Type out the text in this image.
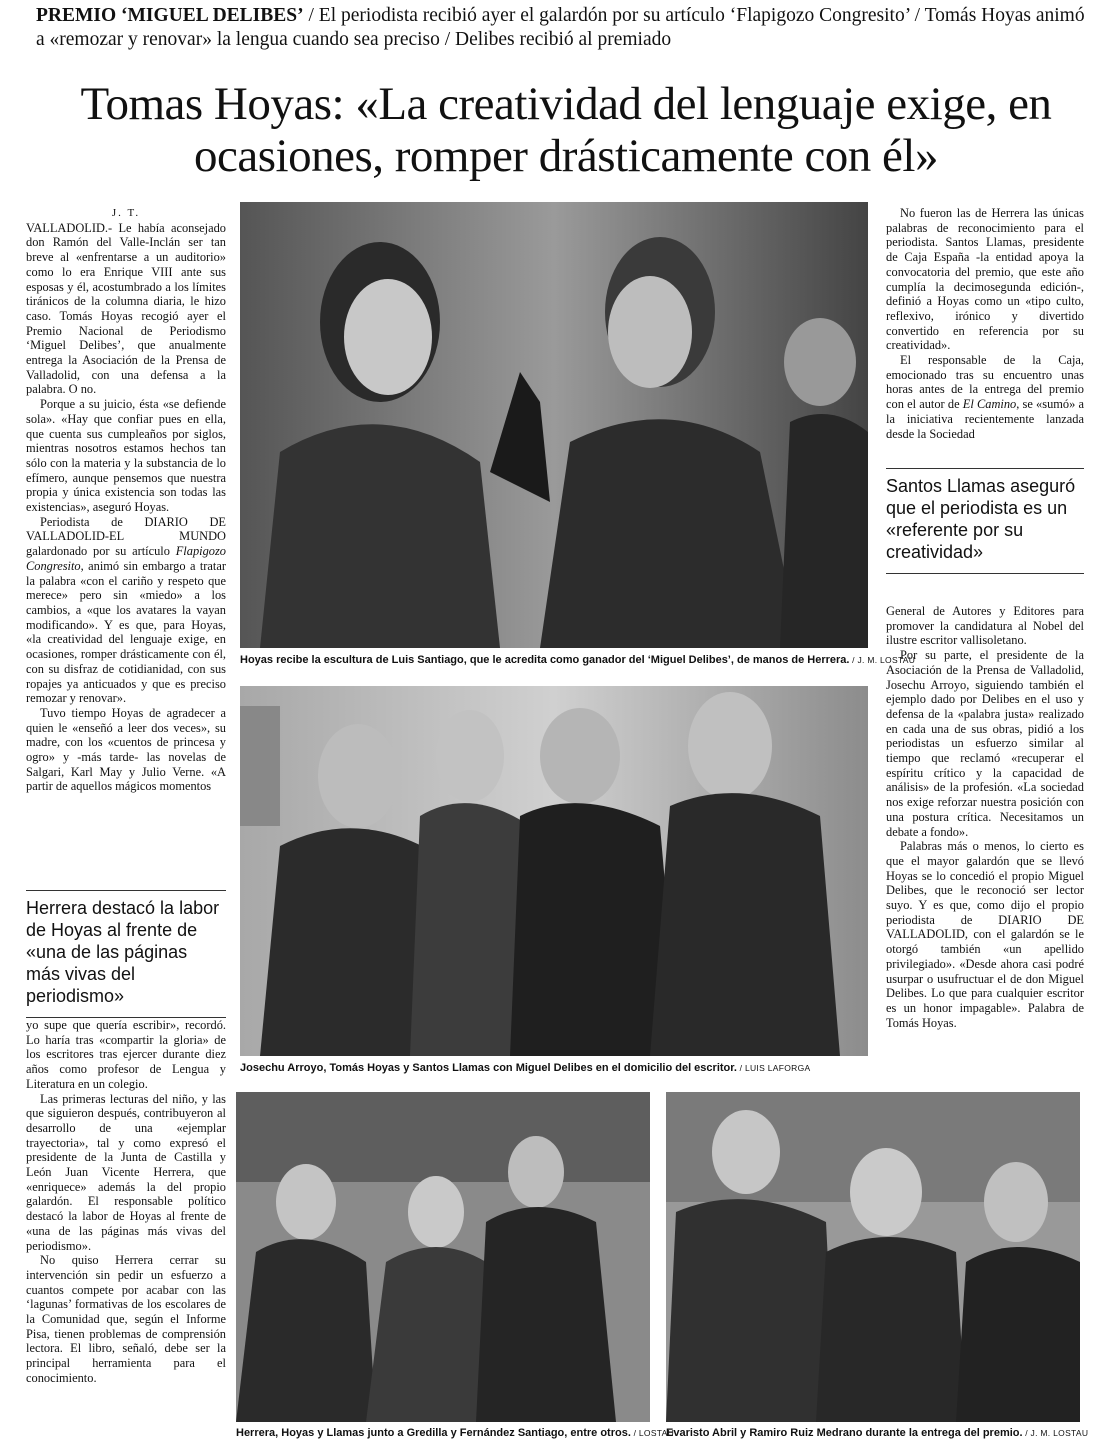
PREMIO ‘MIGUEL DELIBES’ / El periodista recibió ayer el galardón por su artículo ‘Flapigozo Congresito’ / Tomás Hoyas animó a «remozar y renovar» la lengua cuando sea preciso / Delibes recibió al premiado
Tomas Hoyas: «La creatividad del lenguaje exige, en ocasiones, romper drásticamente con él»

J. T.

VALLADOLID.- Le había aconsejado don Ramón del Valle-Inclán ser tan breve al «enfrentarse a un auditorio» como lo era Enrique VIII ante sus esposas y él, acostumbrado a los límites tiránicos de la columna diaria, le hizo caso. Tomás Hoyas recogió ayer el Premio Nacional de Periodismo ‘Miguel Delibes’, que anualmente entrega la Asociación de la Prensa de Valladolid, con una defensa a la palabra. O no.

Porque a su juicio, ésta «se defiende sola». «Hay que confiar pues en ella, que cuenta sus cumpleaños por siglos, mientras nosotros estamos hechos tan sólo con la materia y la substancia de lo efímero, aunque pensemos que nuestra propia y única existencia son todas las existencias», aseguró Hoyas.

Periodista de DIARIO DE VALLADOLID-EL MUNDO galardonado por su artículo Flapigozo Congresito, animó sin embargo a tratar la palabra «con el cariño y respeto que merece» pero sin «miedo» a los cambios, a «que los avatares la vayan modificando». Y es que, para Hoyas, «la creatividad del lenguaje exige, en ocasiones, romper drásticamente con él, con su disfraz de cotidianidad, con sus ropajes ya anticuados y que es preciso remozar y renovar».

Tuvo tiempo Hoyas de agradecer a quien le «enseñó a leer dos veces», su madre, con los «cuentos de princesa y ogro» y -más tarde- las novelas de Salgari, Karl May y Julio Verne. «A partir de aquellos mágicos momentos

Herrera destacó la labor de Hoyas al frente de «una de las páginas más vivas del periodismo»

yo supe que quería escribir», recordó. Lo haría tras «compartir la gloria» de los escritores tras ejercer durante diez años como profesor de Lengua y Literatura en un colegio.

Las primeras lecturas del niño, y las que siguieron después, contribuyeron al desarrollo de una «ejemplar trayectoria», tal y como expresó el presidente de la Junta de Castilla y León Juan Vicente Herrera, que «enriquece» además la del propio galardón. El responsable político destacó la labor de Hoyas al frente de «una de las páginas más vivas del periodismo».

No quiso Herrera cerrar su intervención sin pedir un esfuerzo a cuantos compete por acabar con las ‘lagunas’ formativas de los escolares de la Comunidad que, según el Informe Pisa, tienen problemas de comprensión lectora. El libro, señaló, debe ser la principal herramienta para el conocimiento.

Hoyas recibe la escultura de Luis Santiago, que le acredita como ganador del ‘Miguel Delibes’, de manos de Herrera. / J. M. LOSTAU
Josechu Arroyo, Tomás Hoyas y Santos Llamas con Miguel Delibes en el domicilio del escritor. / LUIS LAFORGA
Herrera, Hoyas y Llamas junto a Gredilla y Fernández Santiago, entre otros. / LOSTAU
Evaristo Abril y Ramiro Ruiz Medrano durante la entrega del premio. / J. M. LOSTAU

No fueron las de Herrera las únicas palabras de reconocimiento para el periodista. Santos Llamas, presidente de Caja España -la entidad apoya la convocatoria del premio, que este año cumplía la decimosegunda edición-, definió a Hoyas como un «tipo culto, reflexivo, irónico y divertido convertido en referencia por su creatividad».

El responsable de la Caja, emocionado tras su encuentro unas horas antes de la entrega del premio con el autor de El Camino, se «sumó» a la iniciativa recientemente lanzada desde la Sociedad

Santos Llamas aseguró que el periodista es un «referente por su creatividad»

General de Autores y Editores para promover la candidatura al Nobel del ilustre escritor vallisoletano.

Por su parte, el presidente de la Asociación de la Prensa de Valladolid, Josechu Arroyo, siguiendo también el ejemplo dado por Delibes en el uso y defensa de la «palabra justa» realizado en cada una de sus obras, pidió a los periodistas un esfuerzo similar al tiempo que reclamó «recuperar el espíritu crítico y la capacidad de análisis» de la profesión. «La sociedad nos exige reforzar nuestra posición con una postura crítica. Necesitamos un debate a fondo».

Palabras más o menos, lo cierto es que el mayor galardón que se llevó Hoyas se lo concedió el propio Miguel Delibes, que le reconoció ser lector suyo. Y es que, como dijo el propio periodista de DIARIO DE VALLADOLID, con el galardón se le otorgó también «un apellido privilegiado». «Desde ahora casi podré usurpar o usufructuar el de don Miguel Delibes. Lo que para cualquier escritor es un honor impagable». Palabra de Tomás Hoyas.
